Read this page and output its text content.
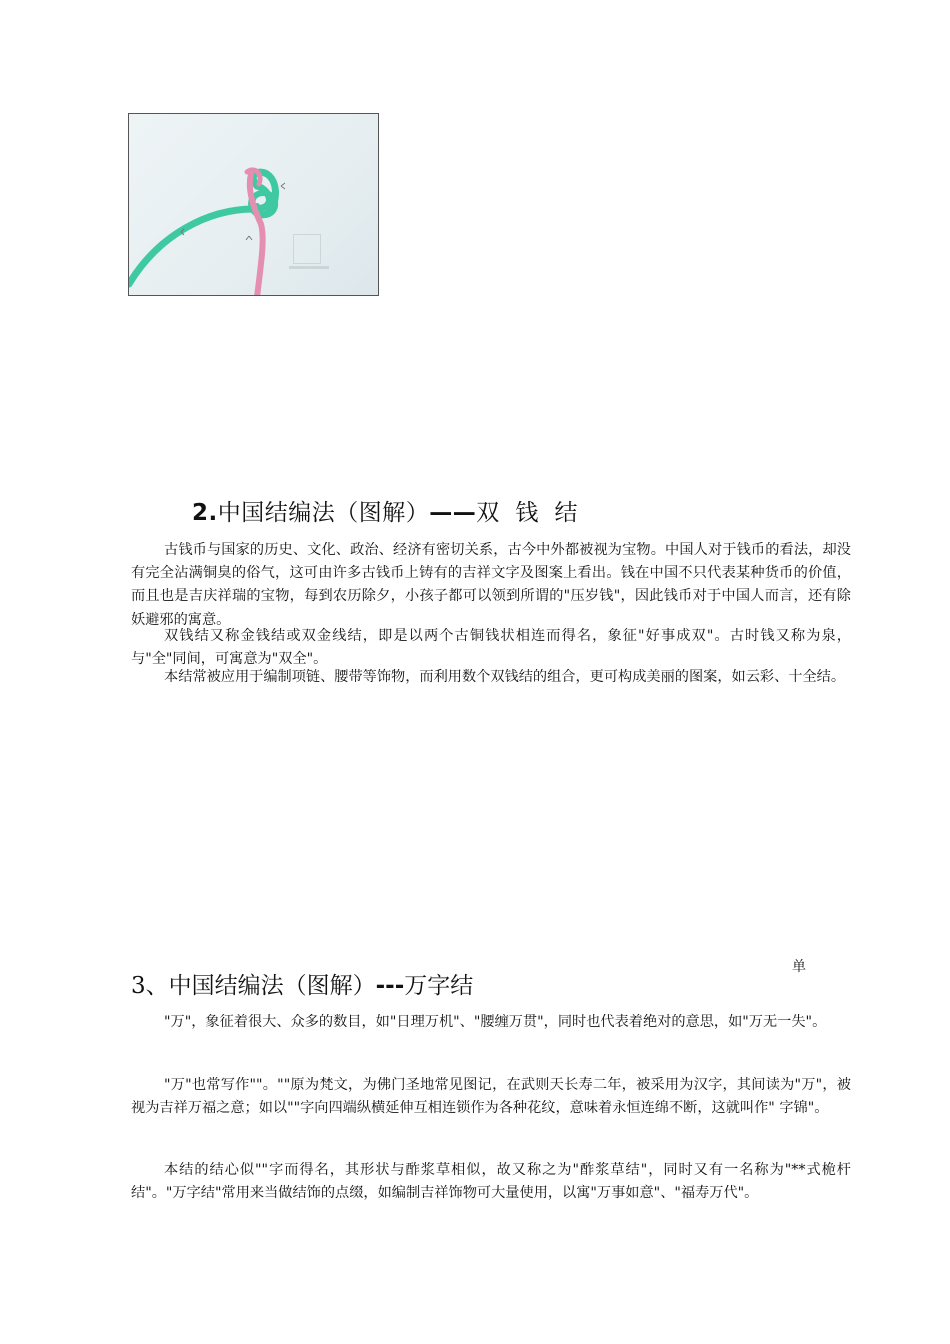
2.中国结编法（图解）——双  钱  结

古钱币与国家的历史、文化、政治、经济有密切关系，古今中外都被视为宝物。中国人对于钱币的看法，却没有完全沾满铜臭的俗气，这可由许多古钱币上铸有的吉祥文字及图案上看出。钱在中国不只代表某种货币的价值，而且也是吉庆祥瑞的宝物，每到农历除夕，小孩子都可以领到所谓的"压岁钱"，因此钱币对于中国人而言，还有除妖避邪的寓意。

双钱结又称金钱结或双金线结，即是以两个古铜钱状相连而得名，象征"好事成双"。古时钱又称为泉，与"全"同间，可寓意为"双全"。

本结常被应用于编制项链、腰带等饰物，而利用数个双钱结的组合，更可构成美丽的图案，如云彩、十全结。

单
3、中国结编法（图解）---万字结

"万"，象征着很大、众多的数目，如"日理万机"、"腰缠万贯"，同时也代表着绝对的意思，如"万无一失"。

"万"也常写作""。""原为梵文，为佛门圣地常见图记，在武则天长寿二年，被采用为汉字，其间读为"万"，被视为吉祥万福之意；如以""字向四端纵横延伸互相连锁作为各种花纹，意味着永恒连绵不断，这就叫作" 字锦"。

本结的结心似""字而得名，其形状与酢浆草相似，故又称之为"酢浆草结"，同时又有一名称为"**式桅杆结"。"万字结"常用来当做结饰的点缀，如编制吉祥饰物可大量使用，以寓"万事如意"、"福寿万代"。
